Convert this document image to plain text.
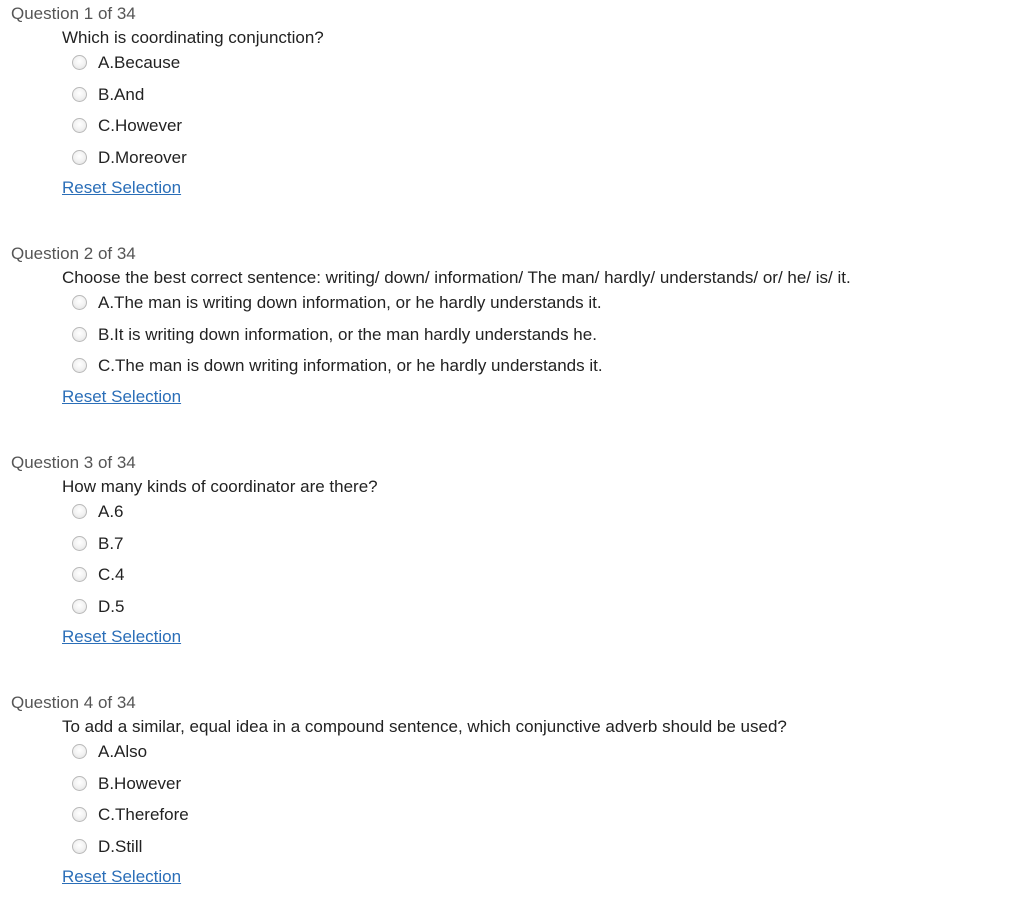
Question 1 of 34
Which is coordinating conjunction?
A.Because
B.And
C.However
D.Moreover
Reset Selection
Question 2 of 34
Choose the best correct sentence: writing/ down/ information/ The man/ hardly/ understands/ or/ he/ is/ it.
A.The man is writing down information, or he hardly understands it.
B.It is writing down information, or the man hardly understands he.
C.The man is down writing information, or he hardly understands it.
Reset Selection
Question 3 of 34
How many kinds of coordinator are there?
A.6
B.7
C.4
D.5
Reset Selection
Question 4 of 34
To add a similar, equal idea in a compound sentence, which conjunctive adverb should be used?
A.Also
B.However
C.Therefore
D.Still
Reset Selection
